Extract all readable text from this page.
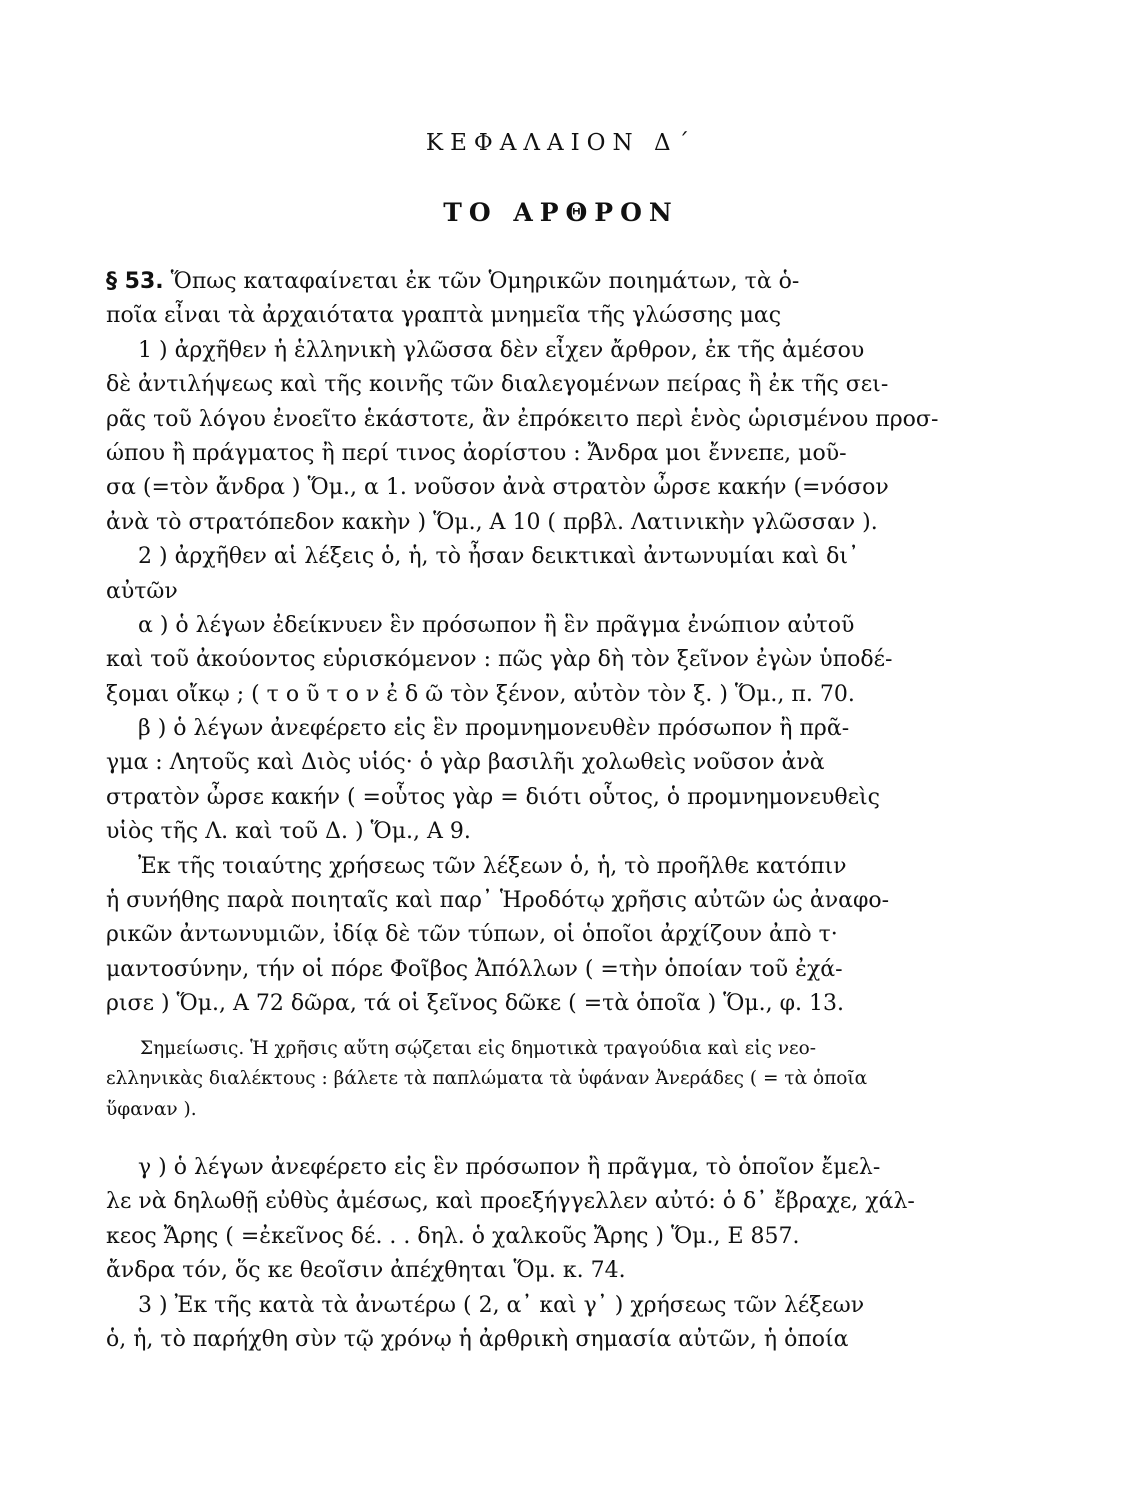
ΚΕΦΑΛΑΙΟΝ Δ΄
ΤΟ ΑΡΘΡΟΝ
§ 53. Ὅπως καταφαίνεται ἐκ τῶν Ὁμηρικῶν ποιημάτων, τὰ ὁ-
ποῖα εἶναι τὰ ἀρχαιότατα γραπτὰ μνημεῖα τῆς γλώσσης μας
1 ) ἀρχῆθεν ἡ ἑλληνικὴ γλῶσσα δὲν εἶχεν ἄρθρον, ἐκ τῆς ἀμέσου
δὲ ἀντιλήψεως καὶ τῆς κοινῆς τῶν διαλεγομένων πείρας ἢ ἐκ τῆς σει-
ρᾶς τοῦ λόγου ἐνοεῖτο ἑκάστοτε, ἂν ἐπρόκειτο περὶ ἑνὸς ὡρισμένου προσ-
ώπου ἢ πράγματος ἢ περί τινος ἀορίστου : Ἄνδρα μοι ἔννεπε, μοῦ-
σα (=τὸν ἄνδρα ) Ὅμ., α 1. νοῦσον ἀνὰ στρατὸν ὦρσε κακήν (=νόσον
ἀνὰ τὸ στρατόπεδον κακὴν ) Ὅμ., Α 10 ( πρβλ. Λατινικὴν γλῶσσαν ).
2 ) ἀρχῆθεν αἱ λέξεις ὁ, ἡ, τὸ ἦσαν δεικτικαὶ ἀντωνυμίαι καὶ δι᾽
αὐτῶν
α ) ὁ λέγων ἐδείκνυεν ἓν πρόσωπον ἢ ἓν πρᾶγμα ἐνώπιον αὐτοῦ
καὶ τοῦ ἀκούοντος εὑρισκόμενον : πῶς γὰρ δὴ τὸν ξεῖνον ἐγὼν ὑποδέ-
ξομαι οἴκῳ ; ( τ ο ῦ τ ο ν ἐ δ ῶ τὸν ξένον, αὐτὸν τὸν ξ. ) Ὅμ., π. 70.
β ) ὁ λέγων ἀνεφέρετο εἰς ἓν προμνημονευθὲν πρόσωπον ἢ πρᾶ-
γμα : Λητοῦς καὶ Διὸς υἱός· ὁ γὰρ βασιλῆι χολωθεὶς νοῦσον ἀνὰ
στρατὸν ὦρσε κακήν ( =οὗτος γὰρ = διότι οὗτος, ὁ προμνημονευθεὶς
υἱὸς τῆς Λ. καὶ τοῦ Δ. ) Ὅμ., Α 9.
Ἐκ τῆς τοιαύτης χρήσεως τῶν λέξεων ὁ, ἡ, τὸ προῆλθε κατόπιν
ἡ συνήθης παρὰ ποιηταῖς καὶ παρ᾽ Ἡροδότῳ χρῆσις αὐτῶν ὡς ἀναφο-
ρικῶν ἀντωνυμιῶν, ἰδίᾳ δὲ τῶν τύπων, οἱ ὁποῖοι ἀρχίζουν ἀπὸ τ·
μαντοσύνην, τήν οἱ πόρε Φοῖβος Ἀπόλλων ( =τὴν ὁποίαν τοῦ ἐχά-
ρισε ) Ὅμ., Α 72 δῶρα, τά οἱ ξεῖνος δῶκε ( =τὰ ὁποῖα ) Ὅμ., φ. 13.
Σημείωσις. Ἡ χρῆσις αὕτη σῴζεται εἰς δημοτικὰ τραγούδια καὶ εἰς νεο-
ελληνικὰς διαλέκτους : βάλετε τὰ παπλώματα τὰ ὑφάναν Ἀνεράδες ( = τὰ ὁποῖα
ὕφαναν ).
γ ) ὁ λέγων ἀνεφέρετο εἰς ἓν πρόσωπον ἢ πρᾶγμα, τὸ ὁποῖον ἔμελ-
λε νὰ δηλωθῇ εὐθὺς ἀμέσως, καὶ προεξήγγελλεν αὐτό: ὁ δ᾽ ἔβραχε, χάλ-
κεος Ἄρης ( =ἐκεῖνος δέ. . . δηλ. ὁ χαλκοῦς Ἄρης ) Ὅμ., Ε 857.
ἄνδρα τόν, ὅς κε θεοῖσιν ἀπέχθηται Ὅμ. κ. 74.
3 ) Ἐκ τῆς κατὰ τὰ ἀνωτέρω ( 2, α᾽ καὶ γ᾽ ) χρήσεως τῶν λέξεων
ὁ, ἡ, τὸ παρήχθη σὺν τῷ χρόνῳ ἡ ἀρθρικὴ σημασία αὐτῶν, ἡ ὁποία
